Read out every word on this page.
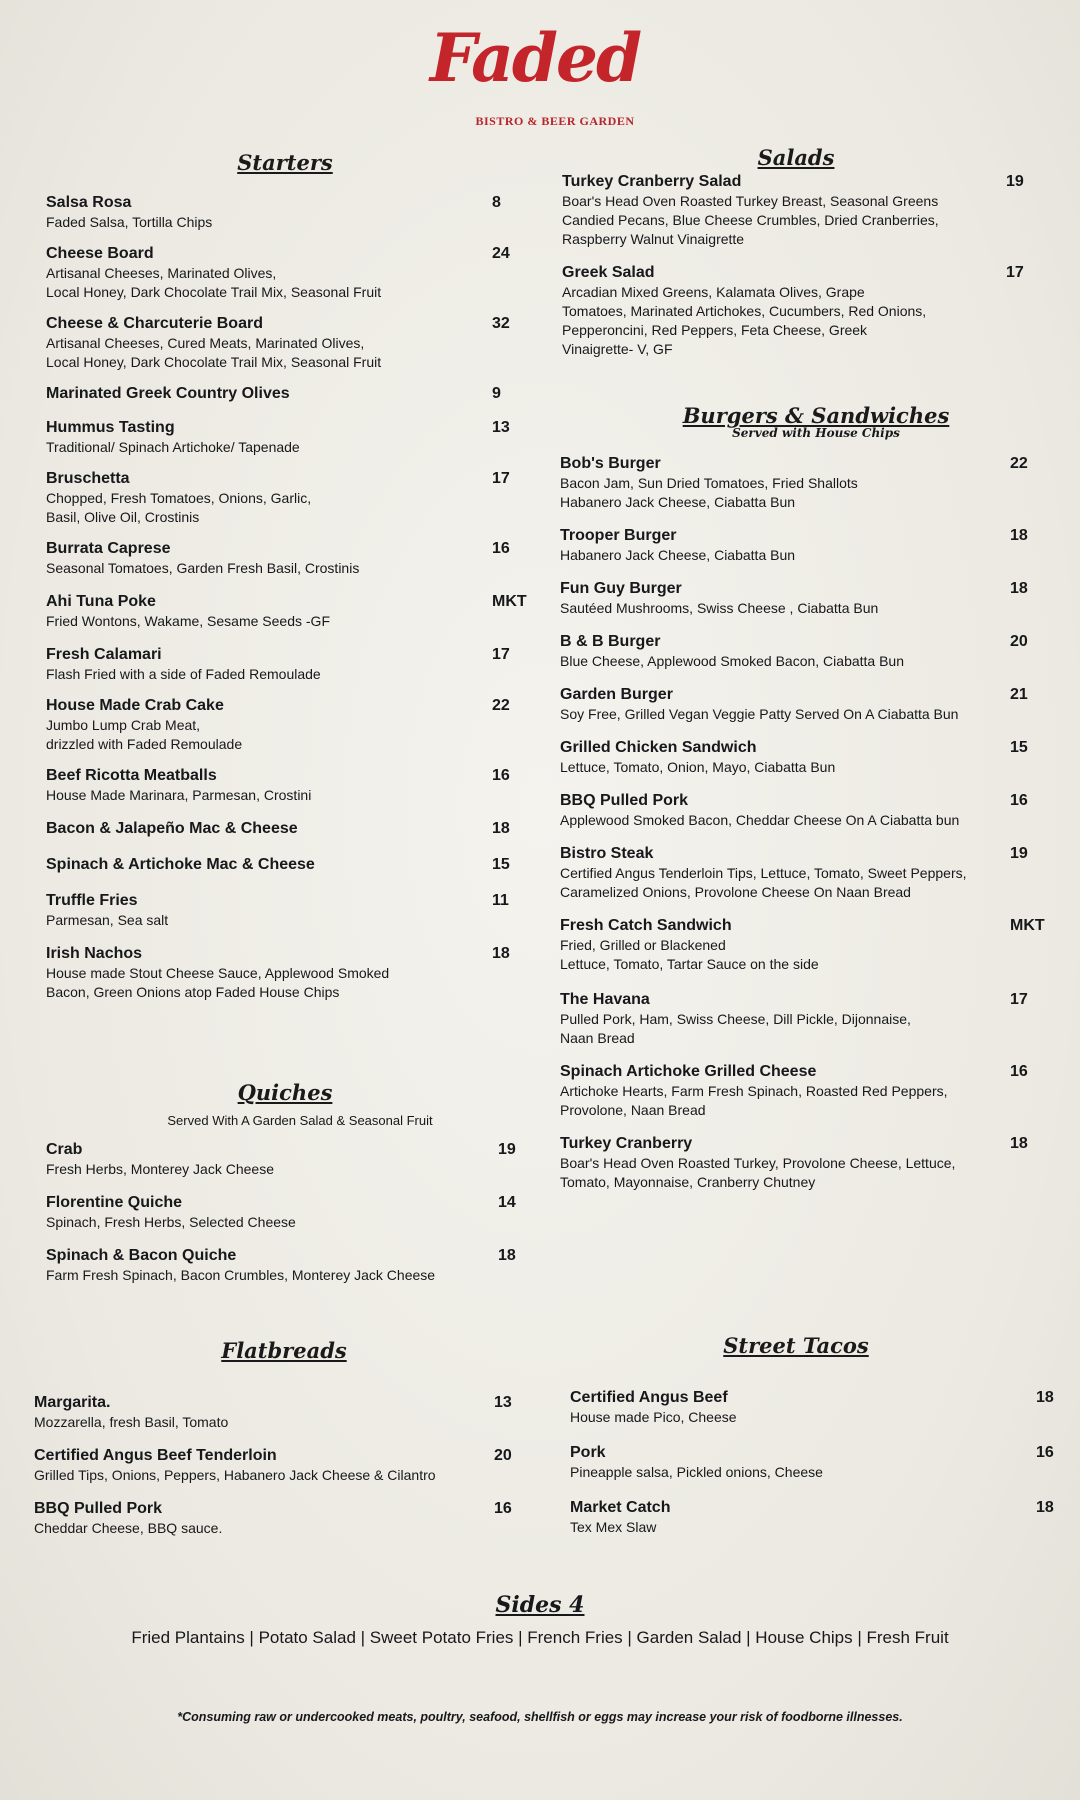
Faded
BISTRO & BEER GARDEN
Starters
Salsa Rosa	8
Faded Salsa, Tortilla Chips
Cheese Board	24
Artisanal Cheeses, Marinated Olives,
Local Honey, Dark Chocolate Trail Mix, Seasonal Fruit
Cheese & Charcuterie Board	32
Artisanal Cheeses, Cured Meats, Marinated Olives,
Local Honey, Dark Chocolate Trail Mix, Seasonal Fruit
Marinated Greek Country Olives	9
Hummus Tasting	13
Traditional/ Spinach Artichoke/ Tapenade
Bruschetta	17
Chopped, Fresh Tomatoes, Onions, Garlic,
Basil, Olive Oil, Crostinis
Burrata Caprese	16
Seasonal Tomatoes, Garden Fresh Basil, Crostinis
Ahi Tuna Poke	MKT
Fried Wontons, Wakame, Sesame Seeds -GF
Fresh Calamari	17
Flash Fried with a side of Faded Remoulade
House Made Crab Cake	22
Jumbo Lump Crab Meat,
drizzled with Faded Remoulade
Beef Ricotta Meatballs	16
House Made Marinara, Parmesan, Crostini
Bacon & Jalapeño Mac & Cheese	18
Spinach & Artichoke Mac & Cheese	15
Truffle Fries	11
Parmesan, Sea salt
Irish Nachos	18
House made Stout Cheese Sauce, Applewood Smoked
Bacon, Green Onions atop Faded House Chips
Quiches
Served With A Garden Salad & Seasonal Fruit
Crab	19
Fresh Herbs, Monterey Jack Cheese
Florentine Quiche	14
Spinach, Fresh Herbs, Selected Cheese
Spinach & Bacon Quiche	18
Farm Fresh Spinach, Bacon Crumbles, Monterey Jack Cheese
Flatbreads
Margarita.	13
Mozzarella, fresh Basil, Tomato
Certified Angus Beef Tenderloin	20
Grilled Tips, Onions, Peppers, Habanero Jack Cheese & Cilantro
BBQ Pulled Pork	16
Cheddar Cheese, BBQ sauce.
Salads
Turkey Cranberry Salad	19
Boar's Head Oven Roasted Turkey Breast, Seasonal Greens
Candied Pecans, Blue Cheese Crumbles, Dried Cranberries,
Raspberry Walnut Vinaigrette
Greek Salad	17
Arcadian Mixed Greens, Kalamata Olives, Grape
Tomatoes, Marinated Artichokes, Cucumbers, Red Onions,
Pepperoncini, Red Peppers, Feta Cheese, Greek
Vinaigrette- V, GF
Burgers & Sandwiches
Served with House Chips
Bob's Burger	22
Bacon Jam, Sun Dried Tomatoes, Fried Shallots
Habanero Jack Cheese, Ciabatta Bun
Trooper Burger	18
Habanero Jack Cheese, Ciabatta Bun
Fun Guy Burger	18
Sautéed Mushrooms, Swiss Cheese , Ciabatta Bun
B & B Burger	20
Blue Cheese, Applewood Smoked Bacon, Ciabatta Bun
Garden Burger	21
Soy Free, Grilled Vegan Veggie Patty Served On A Ciabatta Bun
Grilled Chicken Sandwich	15
Lettuce, Tomato, Onion, Mayo, Ciabatta Bun
BBQ Pulled Pork	16
Applewood Smoked Bacon, Cheddar Cheese On A Ciabatta bun
Bistro Steak	19
Certified Angus Tenderloin Tips, Lettuce, Tomato, Sweet Peppers,
Caramelized Onions, Provolone Cheese On Naan Bread
Fresh Catch Sandwich	MKT
Fried, Grilled or Blackened
Lettuce, Tomato, Tartar Sauce on the side
The Havana	17
Pulled Pork, Ham, Swiss Cheese, Dill Pickle, Dijonnaise,
Naan Bread
Spinach Artichoke Grilled Cheese	16
Artichoke Hearts, Farm Fresh Spinach, Roasted Red Peppers,
Provolone, Naan Bread
Turkey Cranberry	18
Boar's Head Oven Roasted Turkey, Provolone Cheese, Lettuce,
Tomato, Mayonnaise, Cranberry Chutney
Street Tacos
Certified Angus Beef	18
House made Pico, Cheese
Pork	16
Pineapple salsa, Pickled onions, Cheese
Market Catch	18
Tex Mex Slaw
Sides 4
Fried Plantains | Potato Salad | Sweet Potato Fries | French Fries | Garden Salad | House Chips | Fresh Fruit
*Consuming raw or undercooked meats, poultry, seafood, shellfish or eggs may increase your risk of foodborne illnesses.
